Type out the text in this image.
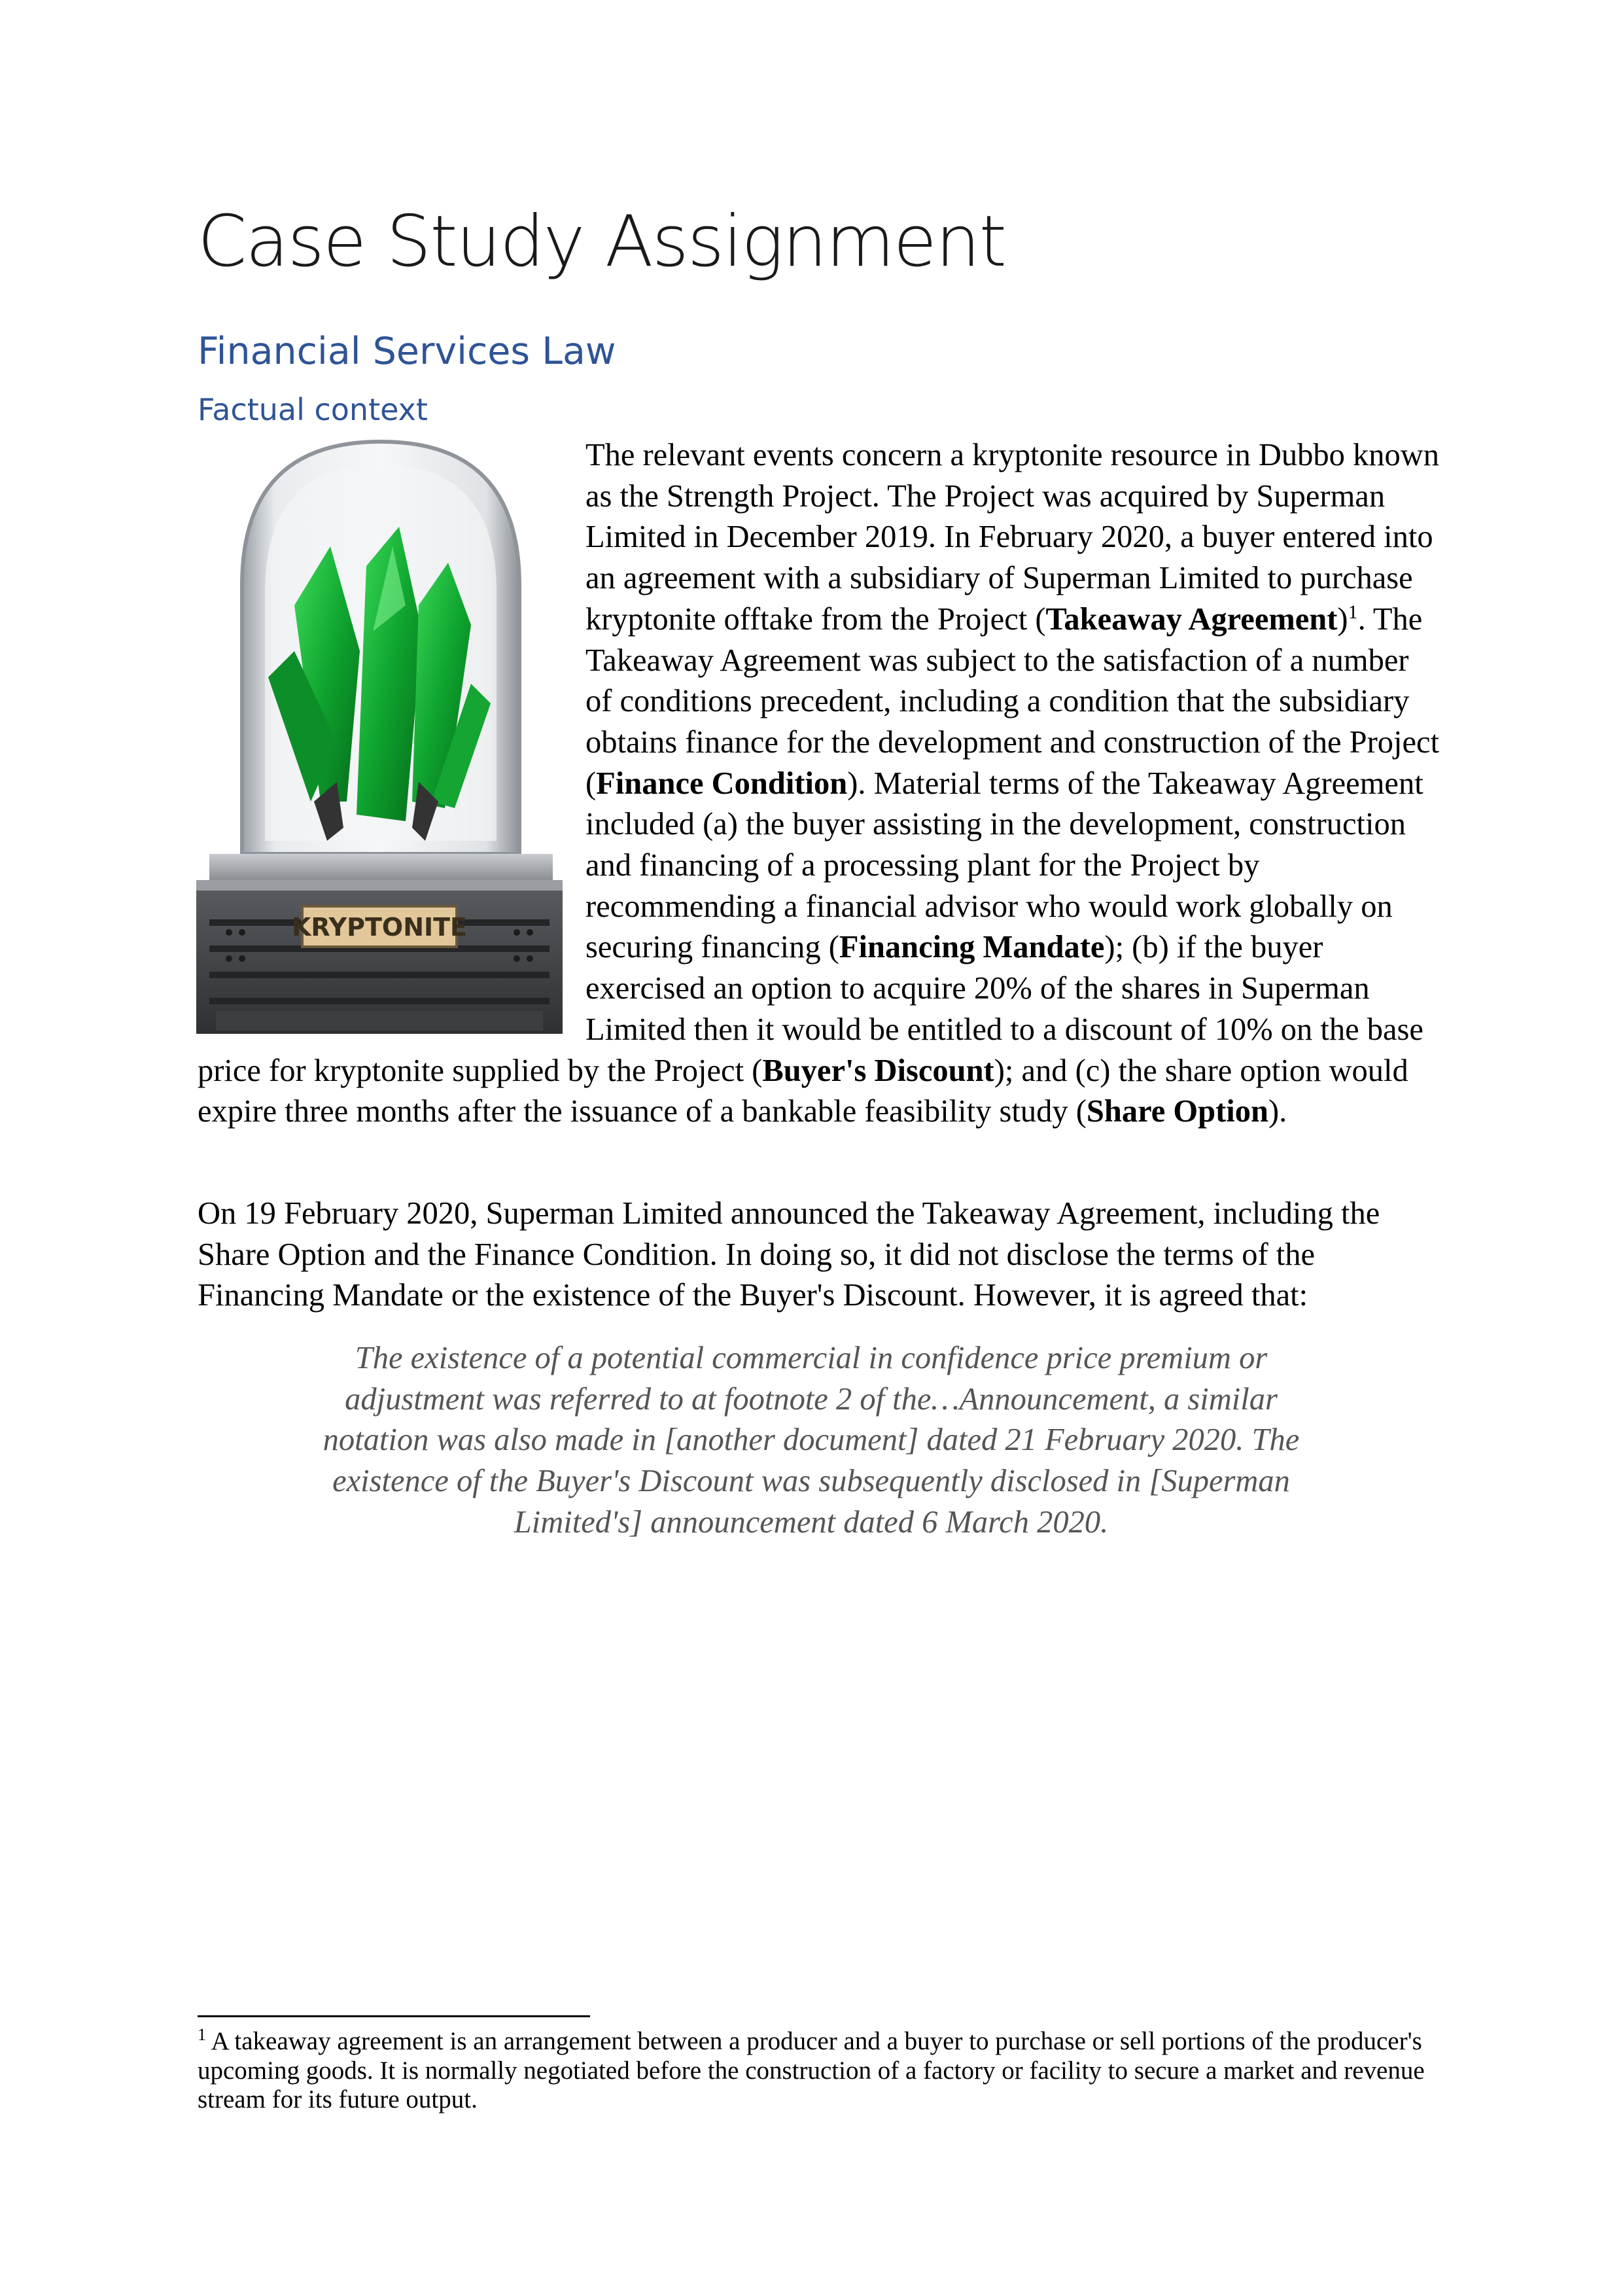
Case Study Assignment
Financial Services Law
Factual context
KRYPTONITE

The relevant events concern a kryptonite resource in Dubbo known as the Strength Project. The Project was acquired by Superman Limited in December 2019. In February 2020, a buyer entered into an agreement with a subsidiary of Superman Limited to purchase kryptonite offtake from the Project (Takeaway Agreement)$^1$. The Takeaway Agreement was subject to the satisfaction of a number of conditions precedent, including a condition that the subsidiary obtains finance for the development and construction of the Project (Finance Condition). Material terms of the Takeaway Agreement included (a) the buyer assisting in the development, construction and financing of a processing plant for the Project by recommending a financial advisor who would work globally on securing financing (Financing Mandate); (b) if the buyer exercised an option to acquire 20% of the shares in Superman Limited then it would be entitled to a discount of 10% on the base price for kryptonite supplied by the Project (Buyer's Discount); and (c) the share option would expire three months after the issuance of a bankable feasibility study (Share Option).

On 19 February 2020, Superman Limited announced the Takeaway Agreement, including the Share Option and the Finance Condition. In doing so, it did not disclose the terms of the Financing Mandate or the existence of the Buyer's Discount. However, it is agreed that:

The existence of a potential commercial in confidence price premium or adjustment was referred to at footnote 2 of the…Announcement, a similar notation was also made in [another document] dated 21 February 2020. The existence of the Buyer's Discount was subsequently disclosed in [Superman Limited's] announcement dated 6 March 2020.

$^1$ A takeaway agreement is an arrangement between a producer and a buyer to purchase or sell portions of the producer's upcoming goods. It is normally negotiated before the construction of a factory or facility to secure a market and revenue stream for its future output.
